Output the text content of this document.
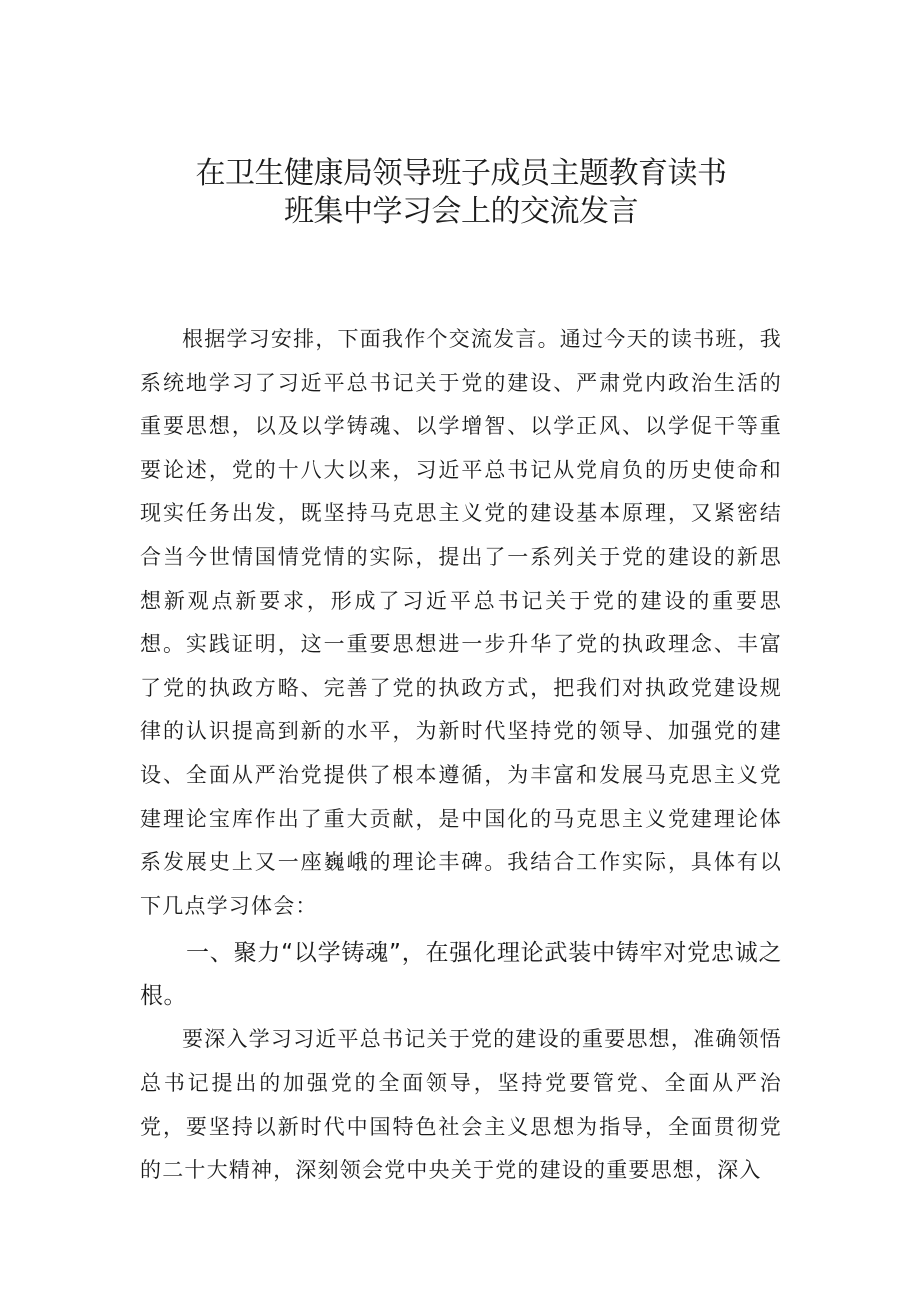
在卫生健康局领导班子成员主题教育读书
班集中学习会上的交流发言

根据学习安排，下面我作个交流发言。通过今天的读书班，我系统地学习了习近平总书记关于党的建设、严肃党内政治生活的重要思想，以及以学铸魂、以学增智、以学正风、以学促干等重要论述，党的十八大以来，习近平总书记从党肩负的历史使命和现实任务出发，既坚持马克思主义党的建设基本原理，又紧密结合当今世情国情党情的实际，提出了一系列关于党的建设的新思想新观点新要求，形成了习近平总书记关于党的建设的重要思想。实践证明，这一重要思想进一步升华了党的执政理念、丰富了党的执政方略、完善了党的执政方式，把我们对执政党建设规律的认识提高到新的水平，为新时代坚持党的领导、加强党的建设、全面从严治党提供了根本遵循，为丰富和发展马克思主义党建理论宝库作出了重大贡献，是中国化的马克思主义党建理论体系发展史上又一座巍峨的理论丰碑。我结合工作实际，具体有以下几点学习体会：

一、聚力“以学铸魂”，在强化理论武装中铸牢对党忠诚之根。

要深入学习习近平总书记关于党的建设的重要思想，准确领悟总书记提出的加强党的全面领导，坚持党要管党、全面从严治党，要坚持以新时代中国特色社会主义思想为指导，全面贯彻党的二十大精神，深刻领会党中央关于党的建设的重要思想，深入
